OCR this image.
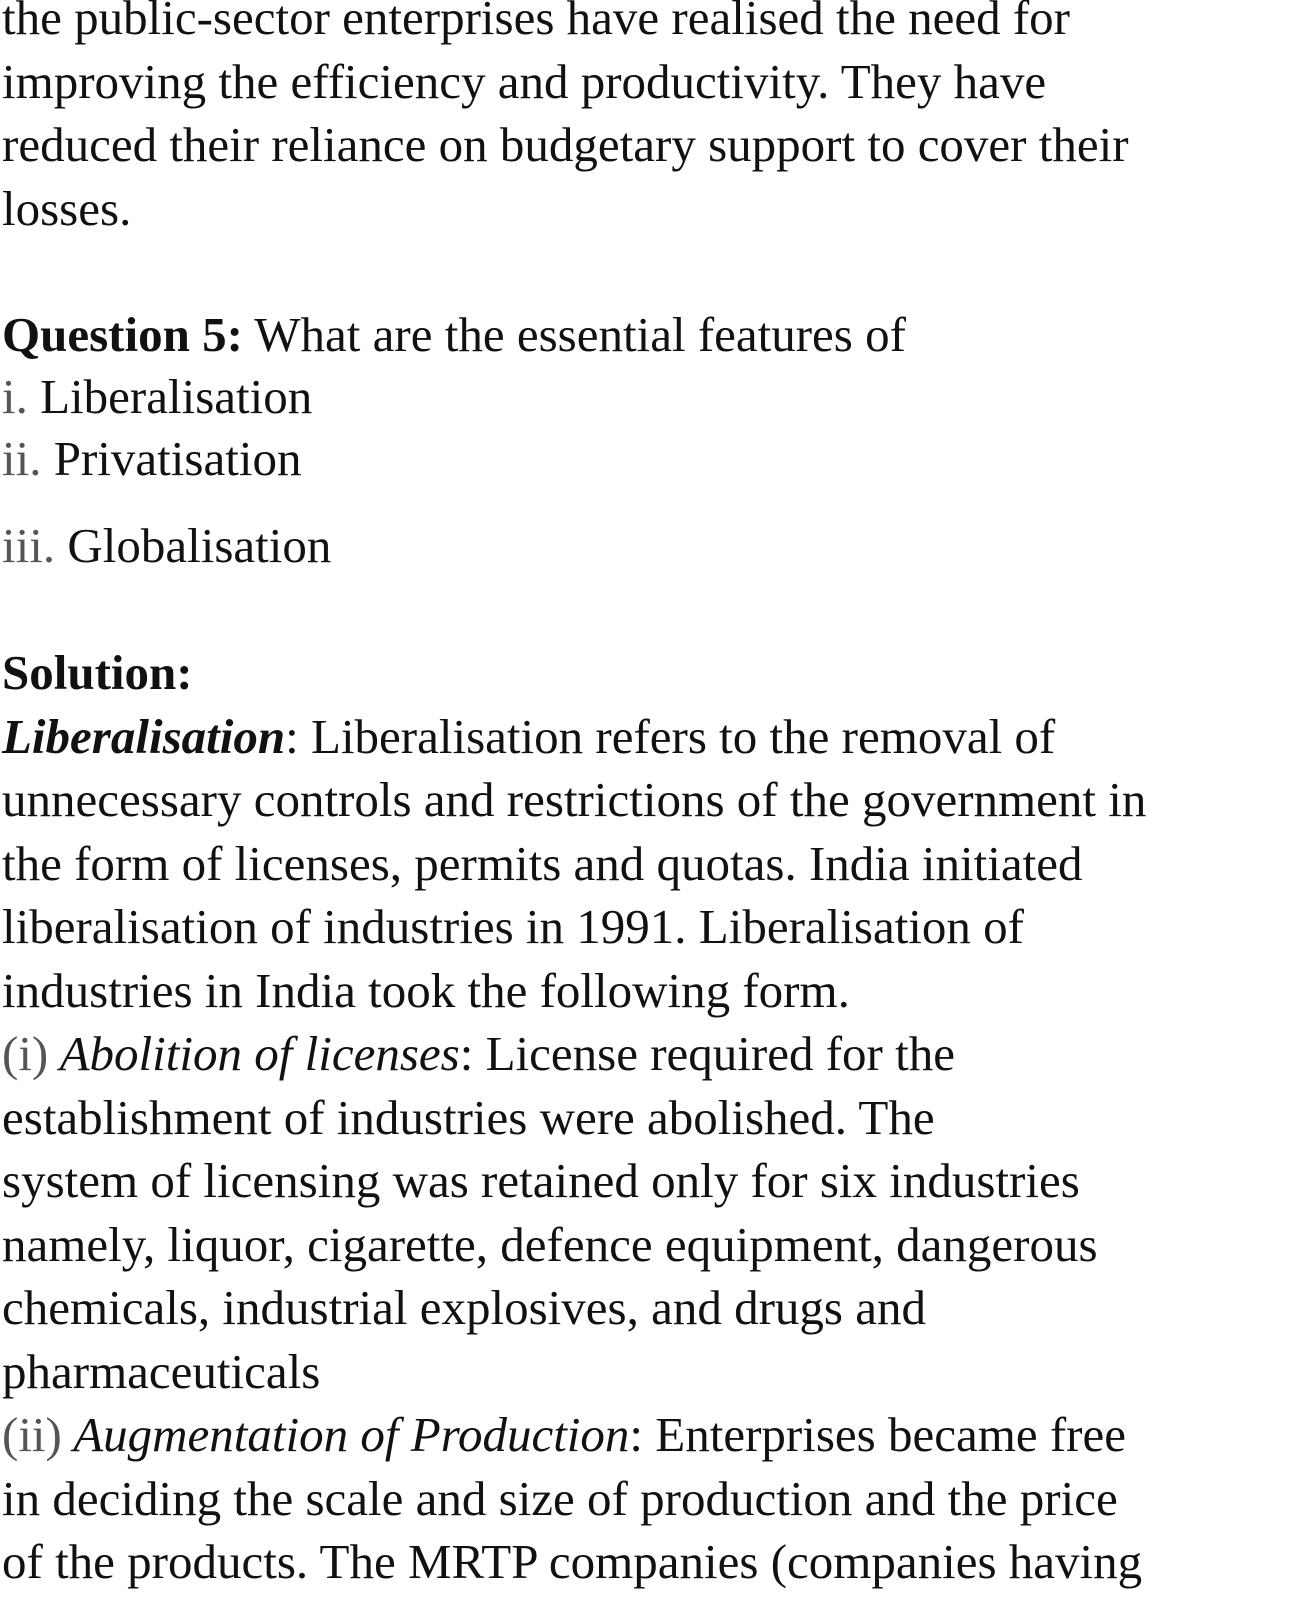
the public-sector enterprises have realised the need for
improving the efficiency and productivity. They have
reduced their reliance on budgetary support to cover their
losses.
Question 5: What are the essential features of
i. Liberalisation
ii. Privatisation
iii. Globalisation
Solution:
Liberalisation: Liberalisation refers to the removal of
unnecessary controls and restrictions of the government in
the form of licenses, permits and quotas. India initiated
liberalisation of industries in 1991. Liberalisation of
industries in India took the following form.
(i) Abolition of licenses: License required for the
establishment of industries were abolished. The
system of licensing was retained only for six industries
namely, liquor, cigarette, defence equipment, dangerous
chemicals, industrial explosives, and drugs and
pharmaceuticals
(ii) Augmentation of Production: Enterprises became free
in deciding the scale and size of production and the price
of the products. The MRTP companies (companies having
